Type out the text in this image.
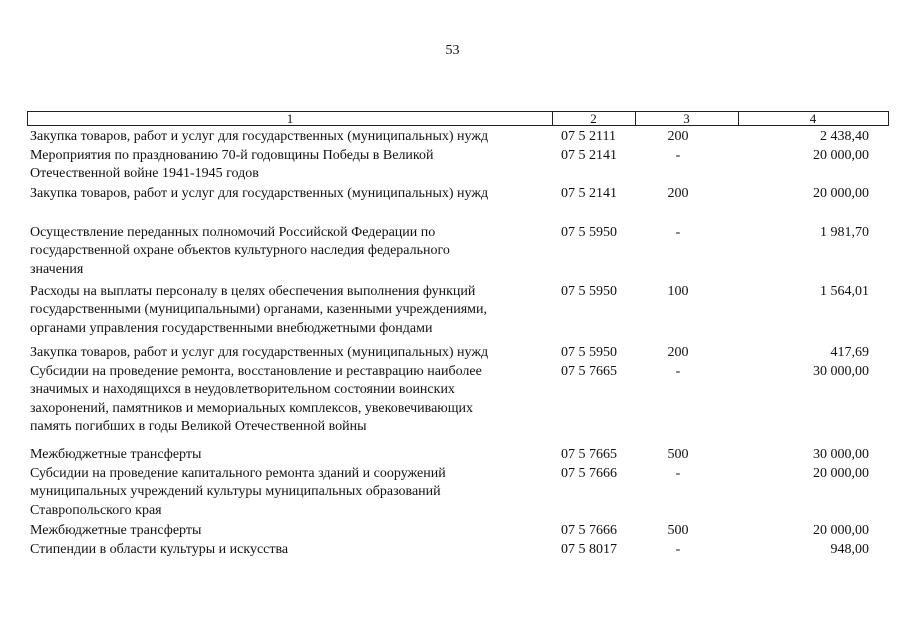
53
1	2	3	4
Закупка товаров, работ и услуг для государственных (муниципальных) нужд	07 5 2111	200	2 438,40
Мероприятия по празднованию 70-й годовщины Победы в Великой
Отечественной войне 1941-1945 годов
07 5 2141	-	20 000,00
Закупка товаров, работ и услуг для государственных (муниципальных) нужд	07 5 2141	200	20 000,00
Осуществление переданных полномочий Российской Федерации по
государственной охране объектов культурного наследия федерального
значения
07 5 5950	-	1 981,70
Расходы на выплаты персоналу в целях обеспечения выполнения функций
государственными (муниципальными) органами, казенными учреждениями,
органами управления государственными внебюджетными фондами
07 5 5950	100	1 564,01
Закупка товаров, работ и услуг для государственных (муниципальных) нужд	07 5 5950	200	417,69
Субсидии на проведение ремонта, восстановление и реставрацию наиболее
значимых и находящихся в неудовлетворительном состоянии воинских
захоронений, памятников и мемориальных комплексов, увековечивающих
память погибших в годы Великой Отечественной войны
07 5 7665	-	30 000,00
Межбюджетные трансферты	07 5 7665	500	30 000,00
Субсидии на проведение капитального ремонта зданий и сооружений
муниципальных учреждений культуры муниципальных образований
Ставропольского края
07 5 7666	-	20 000,00
Межбюджетные трансферты	07 5 7666	500	20 000,00
Стипендии в области культуры и искусства	07 5 8017	-	948,00
